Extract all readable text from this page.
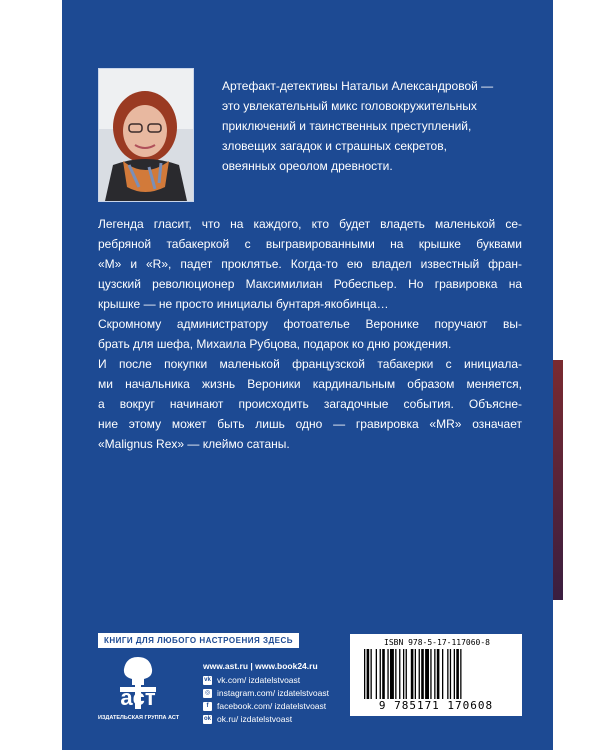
Артефакт-детективы Натальи Александровой —
это увлекательный микс головокружительных
приключений и таинственных преступлений,
зловещих загадок и страшных секретов,
овеянных ореолом древности.
Легенда гласит, что на каждого, кто будет владеть маленькой се-
ребряной табакеркой с выгравированными на крышке буквами
«M» и «R», падет проклятье. Когда-то ею владел известный фран-
цузский революционер Максимилиан Робеспьер. Но гравировка на
крышке — не просто инициалы бунтаря-якобинца…
Скромному администратору фотоателье Веронике поручают вы-
брать для шефа, Михаила Рубцова, подарок ко дню рождения.
И после покупки маленькой французской табакерки с инициала-
ми начальника жизнь Вероники кардинальным образом меняется,
а вокруг начинают происходить загадочные события. Объясне-
ние этому может быть лишь одно — гравировка «MR» означает
«Malignus Rex» — клеймо сатаны.
КНИГИ ДЛЯ ЛЮБОГО НАСТРОЕНИЯ ЗДЕСЬ
аст
ИЗДАТЕЛЬСКАЯ ГРУППА АСТ
www.ast.ru | www.book24.ru
vk vk.com/ izdatelstvoast
◎ instagram.com/ izdatelstvoast
f	facebook.com/ izdatelstvoast
ok ok.ru/ izdatelstvoast
ISBN 978-5-17-117060-8
9 785171 170608
